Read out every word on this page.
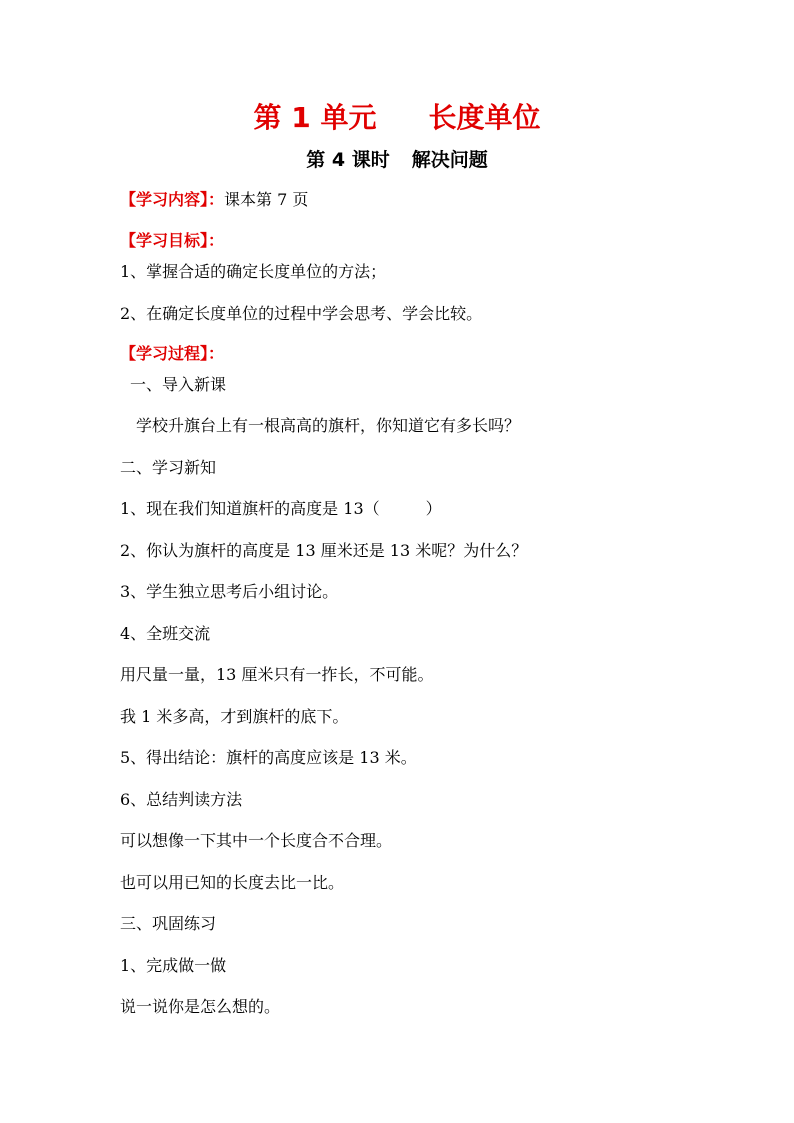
第 1 单元 长度单位
第 4 课时 解决问题
【学习内容】：课本第 7 页
【学习目标】：
1、掌握合适的确定长度单位的方法；
2、在确定长度单位的过程中学会思考、学会比较。
【学习过程】：
一、导入新课
学校升旗台上有一根高高的旗杆，你知道它有多长吗？
二、学习新知
1、现在我们知道旗杆的高度是 13（	）
2、你认为旗杆的高度是 13 厘米还是 13 米呢？为什么？
3、学生独立思考后小组讨论。
4、全班交流
用尺量一量，13 厘米只有一拃长，不可能。
我 1 米多高，才到旗杆的底下。
5、得出结论：旗杆的高度应该是 13 米。
6、总结判读方法
可以想像一下其中一个长度合不合理。
也可以用已知的长度去比一比。
三、巩固练习
1、完成做一做
说一说你是怎么想的。
